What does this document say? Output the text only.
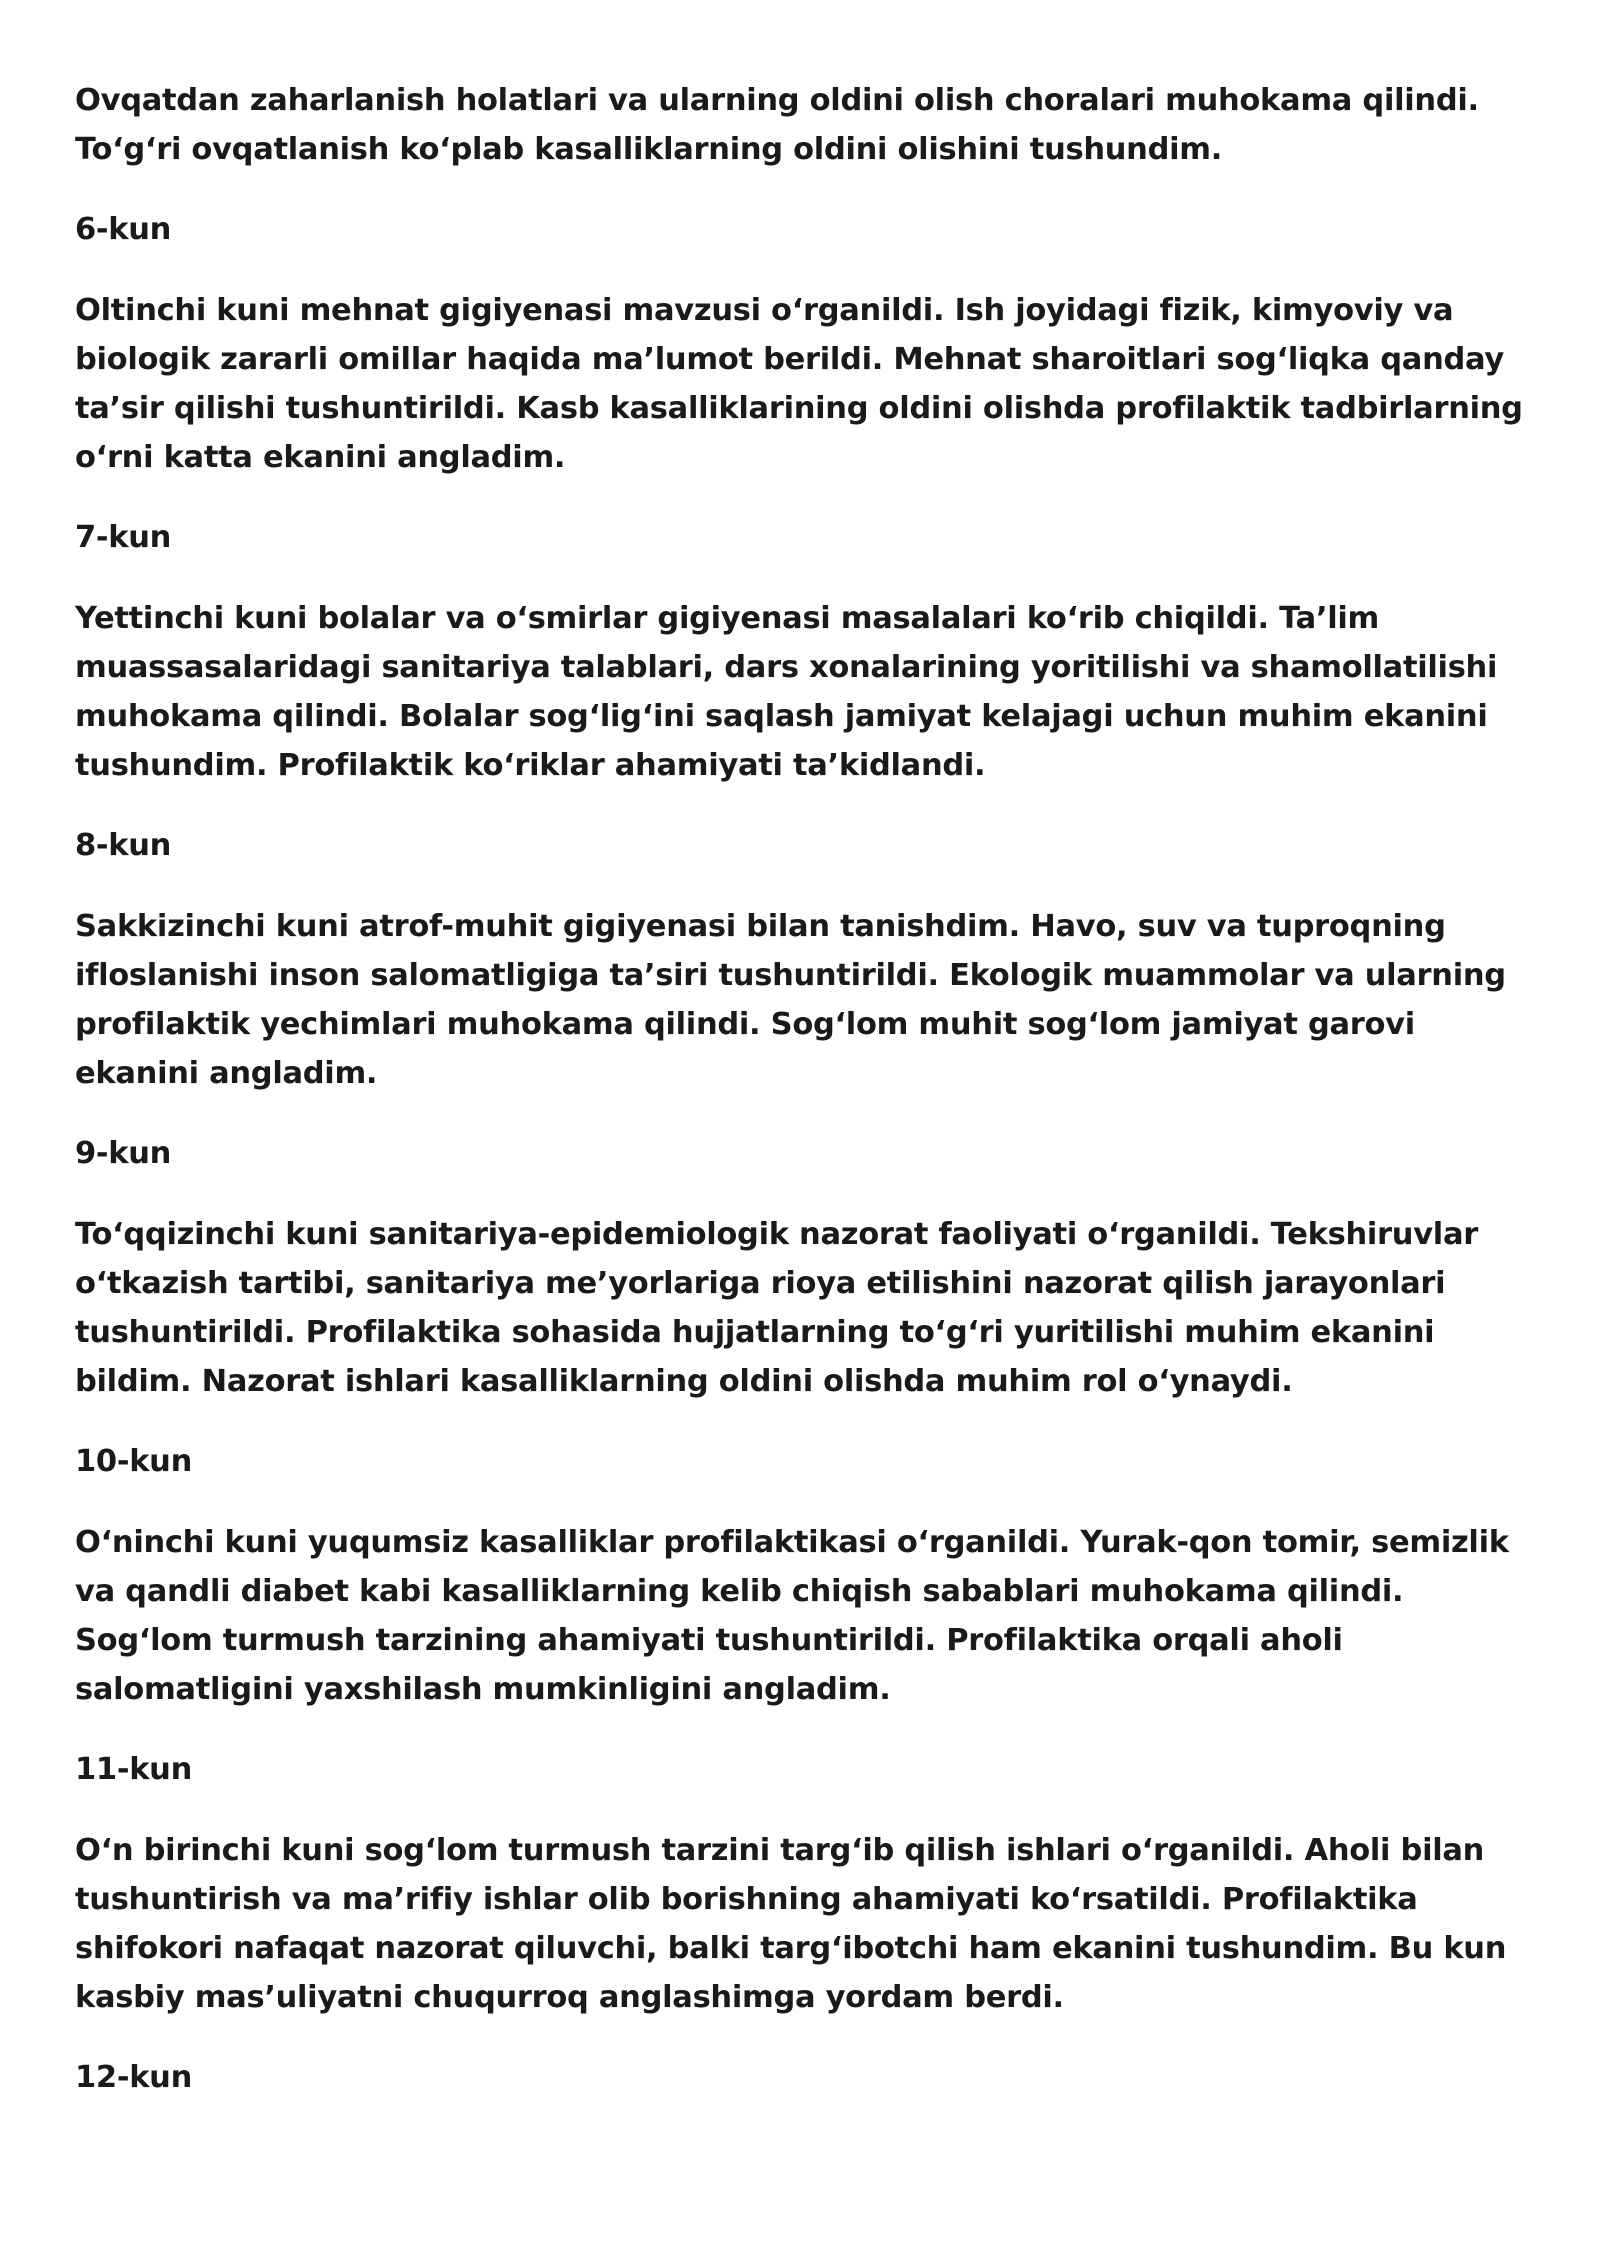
Ovqatdan zaharlanish holatlari va ularning oldini olish choralari muhokama qilindi. To‘g‘ri ovqatlanish ko‘plab kasalliklarning oldini olishini tushundim.

6-kun

Oltinchi kuni mehnat gigiyenasi mavzusi o‘rganildi. Ish joyidagi fizik, kimyoviy va biologik zararli omillar haqida ma’lumot berildi. Mehnat sharoitlari sog‘liqka qanday ta’sir qilishi tushuntirildi. Kasb kasalliklarining oldini olishda profilaktik tadbirlarning o‘rni katta ekanini angladim.

7-kun

Yettinchi kuni bolalar va o‘smirlar gigiyenasi masalalari ko‘rib chiqildi. Ta’lim muassasalaridagi sanitariya talablari, dars xonalarining yoritilishi va shamollatilishi muhokama qilindi. Bolalar sog‘lig‘ini saqlash jamiyat kelajagi uchun muhim ekanini tushundim. Profilaktik ko‘riklar ahamiyati ta’kidlandi.

8-kun

Sakkizinchi kuni atrof-muhit gigiyenasi bilan tanishdim. Havo, suv va tuproqning ifloslanishi inson salomatligiga ta’siri tushuntirildi. Ekologik muammolar va ularning profilaktik yechimlari muhokama qilindi. Sog‘lom muhit sog‘lom jamiyat garovi ekanini angladim.

9-kun

To‘qqizinchi kuni sanitariya-epidemiologik nazorat faoliyati o‘rganildi. Tekshiruvlar o‘tkazish tartibi, sanitariya me’yorlariga rioya etilishini nazorat qilish jarayonlari tushuntirildi. Profilaktika sohasida hujjatlarning to‘g‘ri yuritilishi muhim ekanini bildim. Nazorat ishlari kasalliklarning oldini olishda muhim rol o‘ynaydi.

10-kun

O‘ninchi kuni yuqumsiz kasalliklar profilaktikasi o‘rganildi. Yurak-qon tomir, semizlik va qandli diabet kabi kasalliklarning kelib chiqish sabablari muhokama qilindi. Sog‘lom turmush tarzining ahamiyati tushuntirildi. Profilaktika orqali aholi salomatligini yaxshilash mumkinligini angladim.

11-kun

O‘n birinchi kuni sog‘lom turmush tarzini targ‘ib qilish ishlari o‘rganildi. Aholi bilan tushuntirish va ma’rifiy ishlar olib borishning ahamiyati ko‘rsatildi. Profilaktika shifokori nafaqat nazorat qiluvchi, balki targ‘ibotchi ham ekanini tushundim. Bu kun kasbiy mas’uliyatni chuqurroq anglashimga yordam berdi.

12-kun
